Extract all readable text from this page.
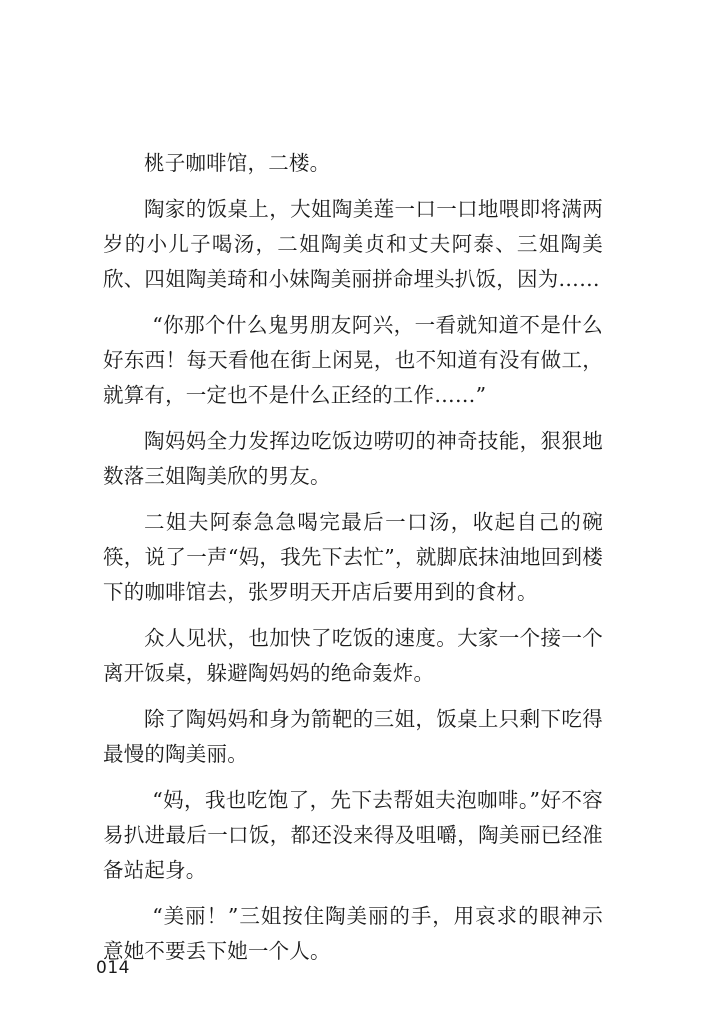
桃子咖啡馆，二楼。

陶家的饭桌上，大姐陶美莲一口一口地喂即将满两岁的小儿子喝汤，二姐陶美贞和丈夫阿泰、三姐陶美欣、四姐陶美琦和小妹陶美丽拼命埋头扒饭，因为……

“你那个什么鬼男朋友阿兴，一看就知道不是什么好东西！每天看他在街上闲晃，也不知道有没有做工，就算有，一定也不是什么正经的工作……”

陶妈妈全力发挥边吃饭边唠叨的神奇技能，狠狠地数落三姐陶美欣的男友。

二姐夫阿泰急急喝完最后一口汤，收起自己的碗筷，说了一声“妈，我先下去忙”，就脚底抹油地回到楼下的咖啡馆去，张罗明天开店后要用到的食材。

众人见状，也加快了吃饭的速度。大家一个接一个离开饭桌，躲避陶妈妈的绝命轰炸。

除了陶妈妈和身为箭靶的三姐，饭桌上只剩下吃得最慢的陶美丽。

“妈，我也吃饱了，先下去帮姐夫泡咖啡。”好不容易扒进最后一口饭，都还没来得及咀嚼，陶美丽已经准备站起身。

“美丽！”三姐按住陶美丽的手，用哀求的眼神示意她不要丢下她一个人。

014
